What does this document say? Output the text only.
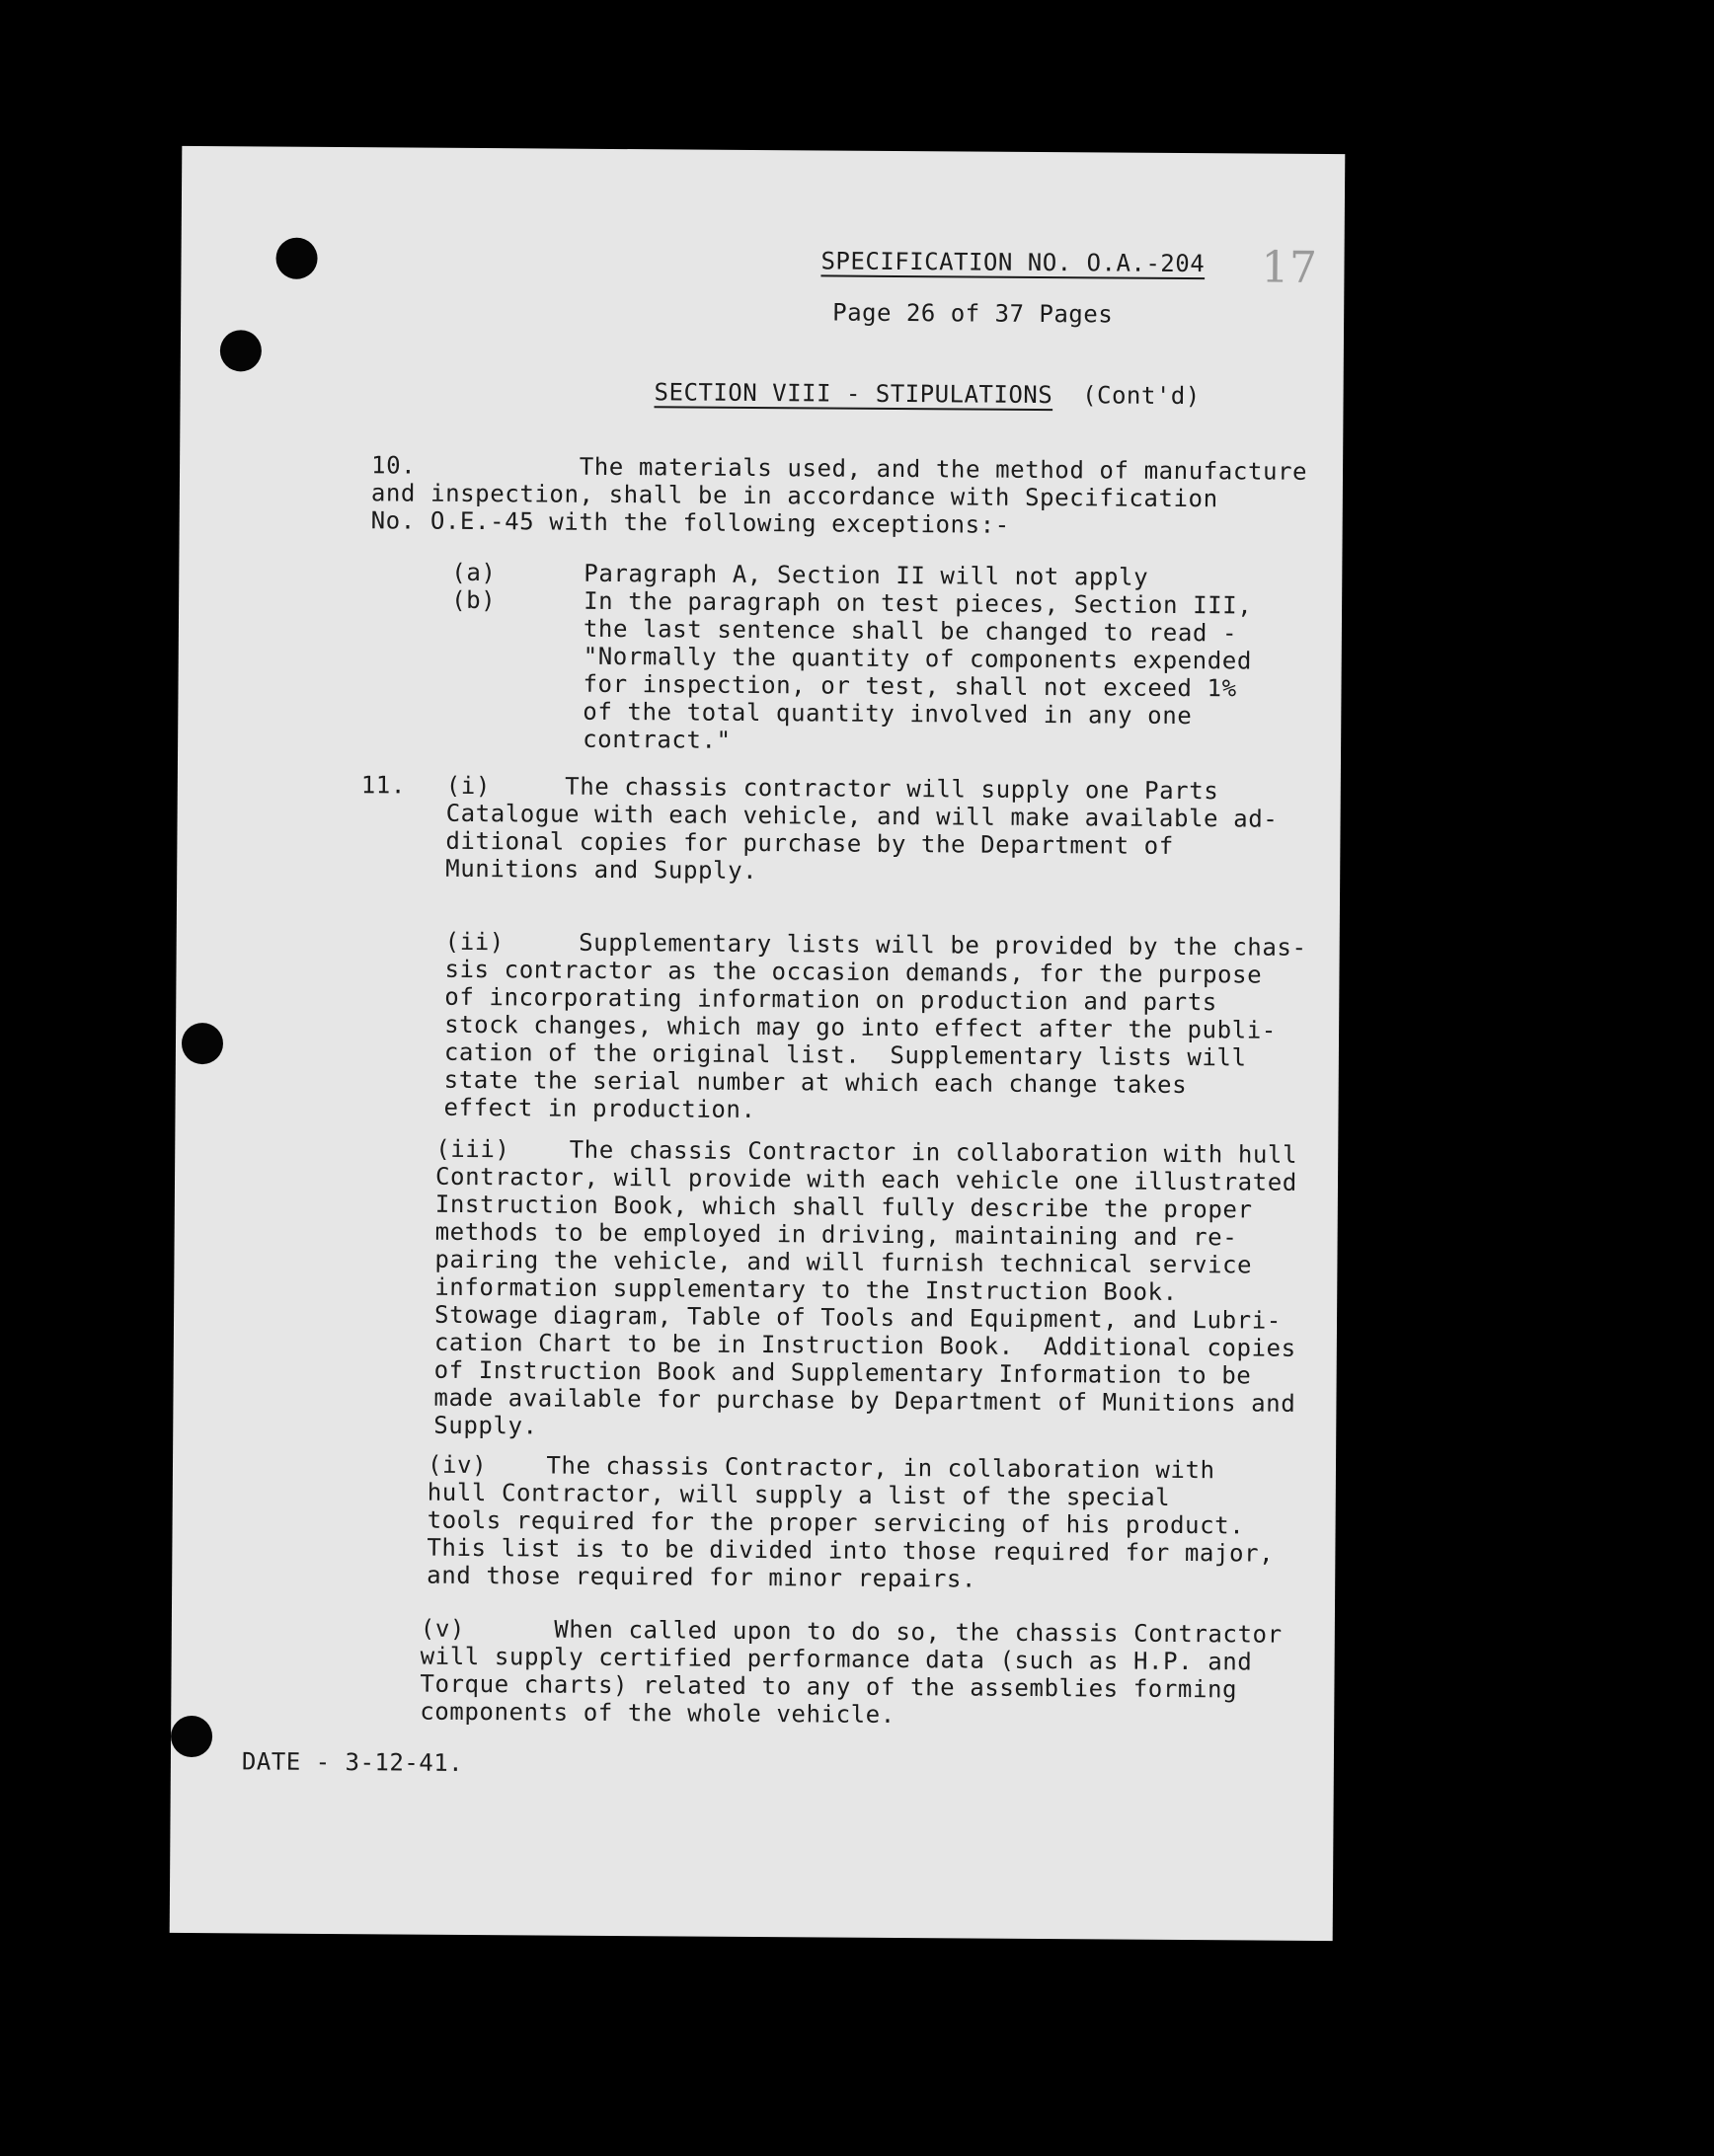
SPECIFICATION NO. O.A.-204 17
Page 26 of 37 Pages
SECTION VIII - STIPULATIONS (Cont'd)
10.           The materials used, and the method of manufacture
and inspection, shall be in accordance with Specification
No. O.E.-45 with the following exceptions:-
(a)	Paragraph A, Section II will not apply
(b)	In the paragraph on test pieces, Section III,
the last sentence shall be changed to read -
"Normally the quantity of components expended
for inspection, or test, shall not exceed 1%
of the total quantity involved in any one
contract."
11. (i)     The chassis contractor will supply one Parts
Catalogue with each vehicle, and will make available ad-
ditional copies for purchase by the Department of
Munitions and Supply.
(ii)     Supplementary lists will be provided by the chas-
sis contractor as the occasion demands, for the purpose
of incorporating information on production and parts
stock changes, which may go into effect after the publi-
cation of the original list.  Supplementary lists will
state the serial number at which each change takes
effect in production.
(iii)    The chassis Contractor in collaboration with hull
Contractor, will provide with each vehicle one illustrated
Instruction Book, which shall fully describe the proper
methods to be employed in driving, maintaining and re-
pairing the vehicle, and will furnish technical service
information supplementary to the Instruction Book.
Stowage diagram, Table of Tools and Equipment, and Lubri-
cation Chart to be in Instruction Book.  Additional copies
of Instruction Book and Supplementary Information to be
made available for purchase by Department of Munitions and
Supply.
(iv)    The chassis Contractor, in collaboration with
hull Contractor, will supply a list of the special
tools required for the proper servicing of his product.
This list is to be divided into those required for major,
and those required for minor repairs.
(v)      When called upon to do so, the chassis Contractor
will supply certified performance data (such as H.P. and
Torque charts) related to any of the assemblies forming
components of the whole vehicle.
DATE - 3-12-41.
